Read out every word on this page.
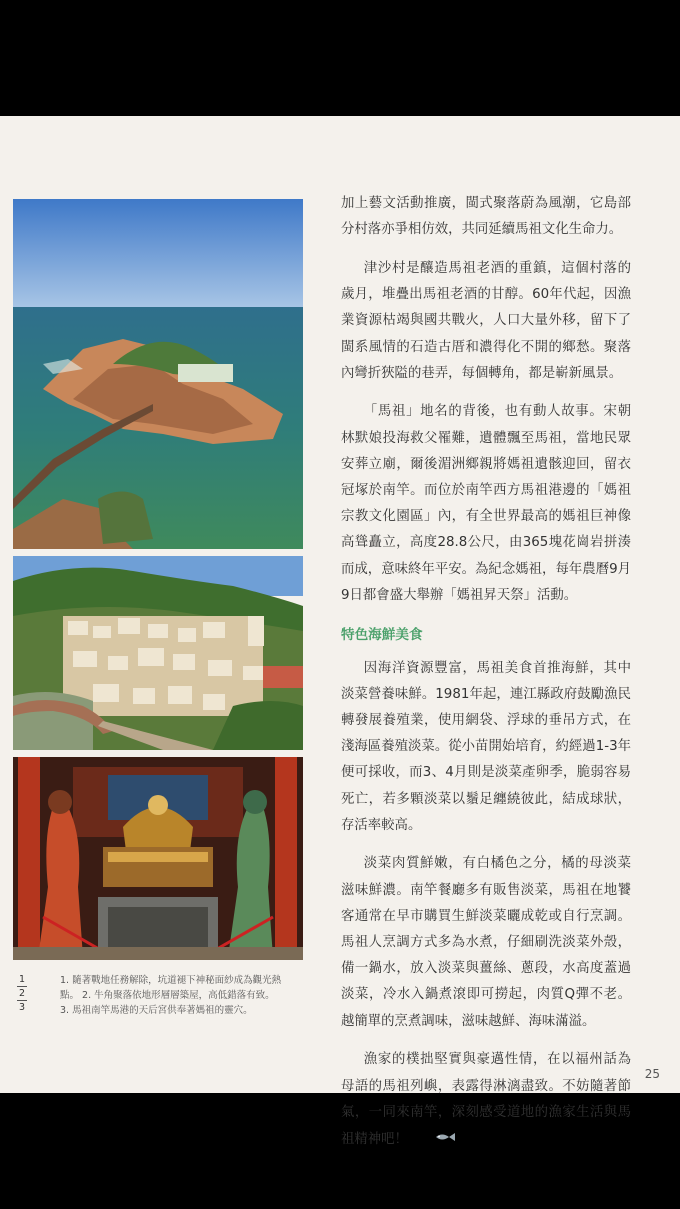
1
2
3
1. 隨著戰地任務解除，坑道褪下神秘面紗成為觀光熱
點。 2. 牛角聚落依地形層層築屋，高低錯落有致。
3. 馬祖南竿馬港的天后宮供奉著媽祖的靈穴。

加上藝文活動推廣，閩式聚落蔚為風潮，它島部分村落亦爭相仿效，共同延續馬祖文化生命力。

津沙村是釀造馬祖老酒的重鎮，這個村落的歲月，堆疊出馬祖老酒的甘醇。60年代起，因漁業資源枯竭與國共戰火，人口大量外移，留下了閩系風情的石造古厝和濃得化不開的鄉愁。聚落內彎折狹隘的巷弄，每個轉角，都是嶄新風景。

「馬祖」地名的背後，也有動人故事。宋朝林默娘投海救父罹難，遺體飄至馬祖，當地民眾安葬立廟，爾後湄洲鄉親將媽祖遺骸迎回，留衣冠塚於南竿。而位於南竿西方馬祖港邊的「媽祖宗教文化園區」內，有全世界最高的媽祖巨神像高聳矗立，高度28.8公尺，由365塊花崗岩拼湊而成，意味終年平安。為紀念媽祖，每年農曆9月9日都會盛大舉辦「媽祖昇天祭」活動。

特色海鮮美食

因海洋資源豐富，馬祖美食首推海鮮，其中淡菜營養味鮮。1981年起，連江縣政府鼓勵漁民轉發展養殖業，使用網袋、浮球的垂吊方式，在淺海區養殖淡菜。從小苗開始培育，約經過1-3年便可採收，而3、4月則是淡菜產卵季，脆弱容易死亡，若多顆淡菜以鬚足纏繞彼此，結成球狀，存活率較高。

淡菜肉質鮮嫩，有白橘色之分，橘的母淡菜滋味鮮濃。南竿餐廳多有販售淡菜，馬祖在地饕客通常在早市購買生鮮淡菜曬成乾或自行烹調。馬祖人烹調方式多為水煮，仔細刷洗淡菜外殼，備一鍋水，放入淡菜與薑絲、蔥段，水高度蓋過淡菜，冷水入鍋煮滾即可撈起，肉質Q彈不老。越簡單的烹煮調味，滋味越鮮、海味滿溢。

漁家的樸拙堅實與豪邁性情，在以福州話為母語的馬祖列嶼，表露得淋漓盡致。不妨隨著節氣，一同來南竿，深刻感受道地的漁家生活與馬祖精神吧！

25
